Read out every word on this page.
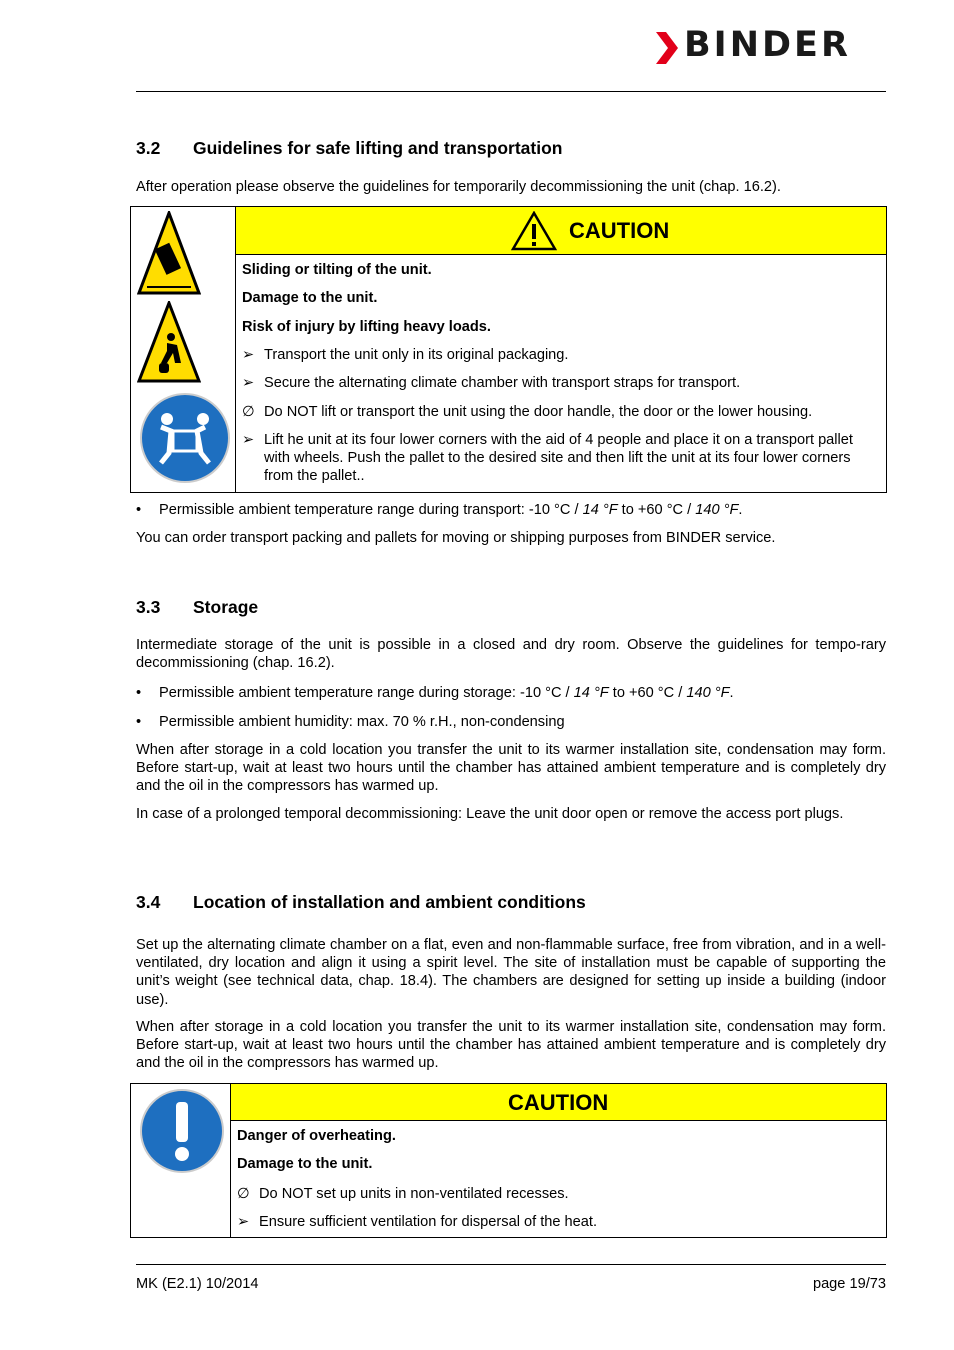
BINDER
3.2 Guidelines for safe lifting and transportation

After operation please observe the guidelines for temporarily decommissioning the unit (chap. 16.2).

CAUTION

Sliding or tilting of the unit.
Damage to the unit.
Risk of injury by lifting heavy loads.
➢ Transport the unit only in its original packaging.
➢ Secure the alternating climate chamber with transport straps for transport.
∅ Do NOT lift or transport the unit using the door handle, the door or the lower housing.
➢ Lift he unit at its four lower corners with the aid of 4 people and place it on a transport pallet with wheels. Push the pallet to the desired site and then lift the unit at its four lower corners from the pallet..
• Permissible ambient temperature range during transport: -10 °C / 14 °F to +60 °C / 140 °F.

You can order transport packing and pallets for moving or shipping purposes from BINDER service.

3.3 Storage

Intermediate storage of the unit is possible in a closed and dry room. Observe the guidelines for tempo-rary decommissioning (chap. 16.2).

• Permissible ambient temperature range during storage: -10 °C / 14 °F to +60 °C / 140 °F.
• Permissible ambient humidity: max. 70 % r.H., non-condensing

When after storage in a cold location you transfer the unit to its warmer installation site, condensation may form. Before start-up, wait at least two hours until the chamber has attained ambient temperature and is completely dry and the oil in the compressors has warmed up.

In case of a prolonged temporal decommissioning: Leave the unit door open or remove the access port plugs.

3.4 Location of installation and ambient conditions

Set up the alternating climate chamber on a flat, even and non-flammable surface, free from vibration, and in a well-ventilated, dry location and align it using a spirit level. The site of installation must be capable of supporting the unit’s weight (see technical data, chap. 18.4). The chambers are designed for setting up inside a building (indoor use).

When after storage in a cold location you transfer the unit to its warmer installation site, condensation may form. Before start-up, wait at least two hours until the chamber has attained ambient temperature and is completely dry and the oil in the compressors has warmed up.

CAUTION

Danger of overheating.
Damage to the unit.
∅ Do NOT set up units in non-ventilated recesses.
➢ Ensure sufficient ventilation for dispersal of the heat.
MK (E2.1) 10/2014	page 19/73
